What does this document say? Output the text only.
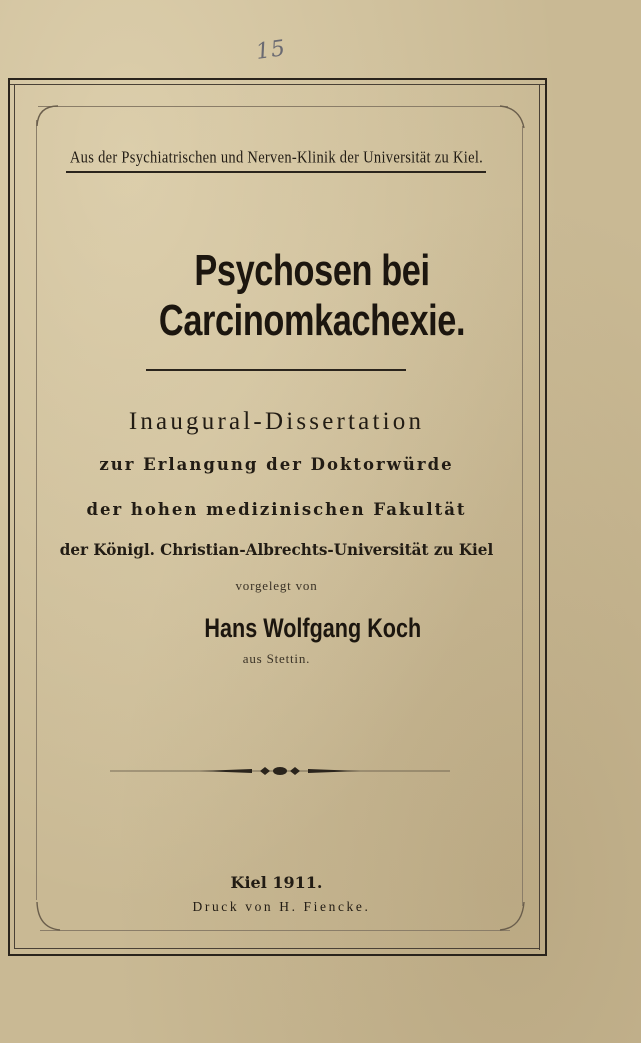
15
Aus der Psychiatrischen und Nerven-Klinik der Universität zu Kiel.
Psychosen bei Carcinomkachexie.
Inaugural-Dissertation
zur Erlangung der Doktorwürde
der hohen medizinischen Fakultät
der Königl. Christian-Albrechts-Universität zu Kiel
vorgelegt von
Hans Wolfgang Koch
aus Stettin.
Kiel 1911.
Druck von H. Fiencke.
